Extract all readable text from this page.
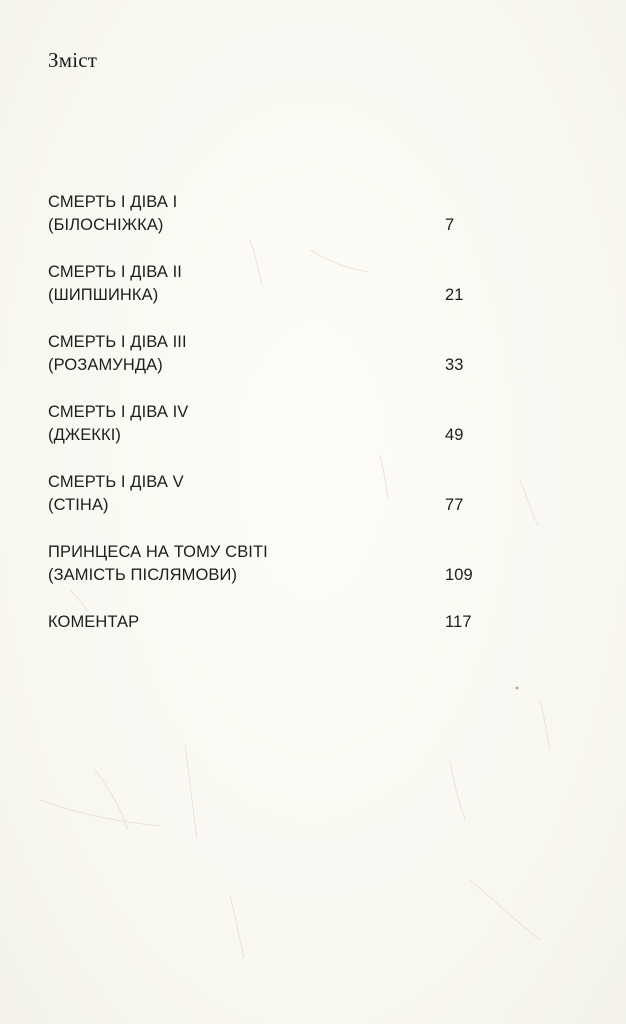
Зміст
СМЕРТЬ І ДІВА І
(БІЛОСНІЖКА)	7
СМЕРТЬ І ДІВА ІІ
(ШИПШИНКА)	21
СМЕРТЬ І ДІВА ІІІ
(РОЗАМУНДА)	33
СМЕРТЬ І ДІВА IV
(ДЖЕККІ)	49
СМЕРТЬ І ДІВА V
(СТІНА)	77
ПРИНЦЕСА НА ТОМУ СВІТІ
(ЗАМІСТЬ ПІСЛЯМОВИ)	109
КОМЕНТАР	117
